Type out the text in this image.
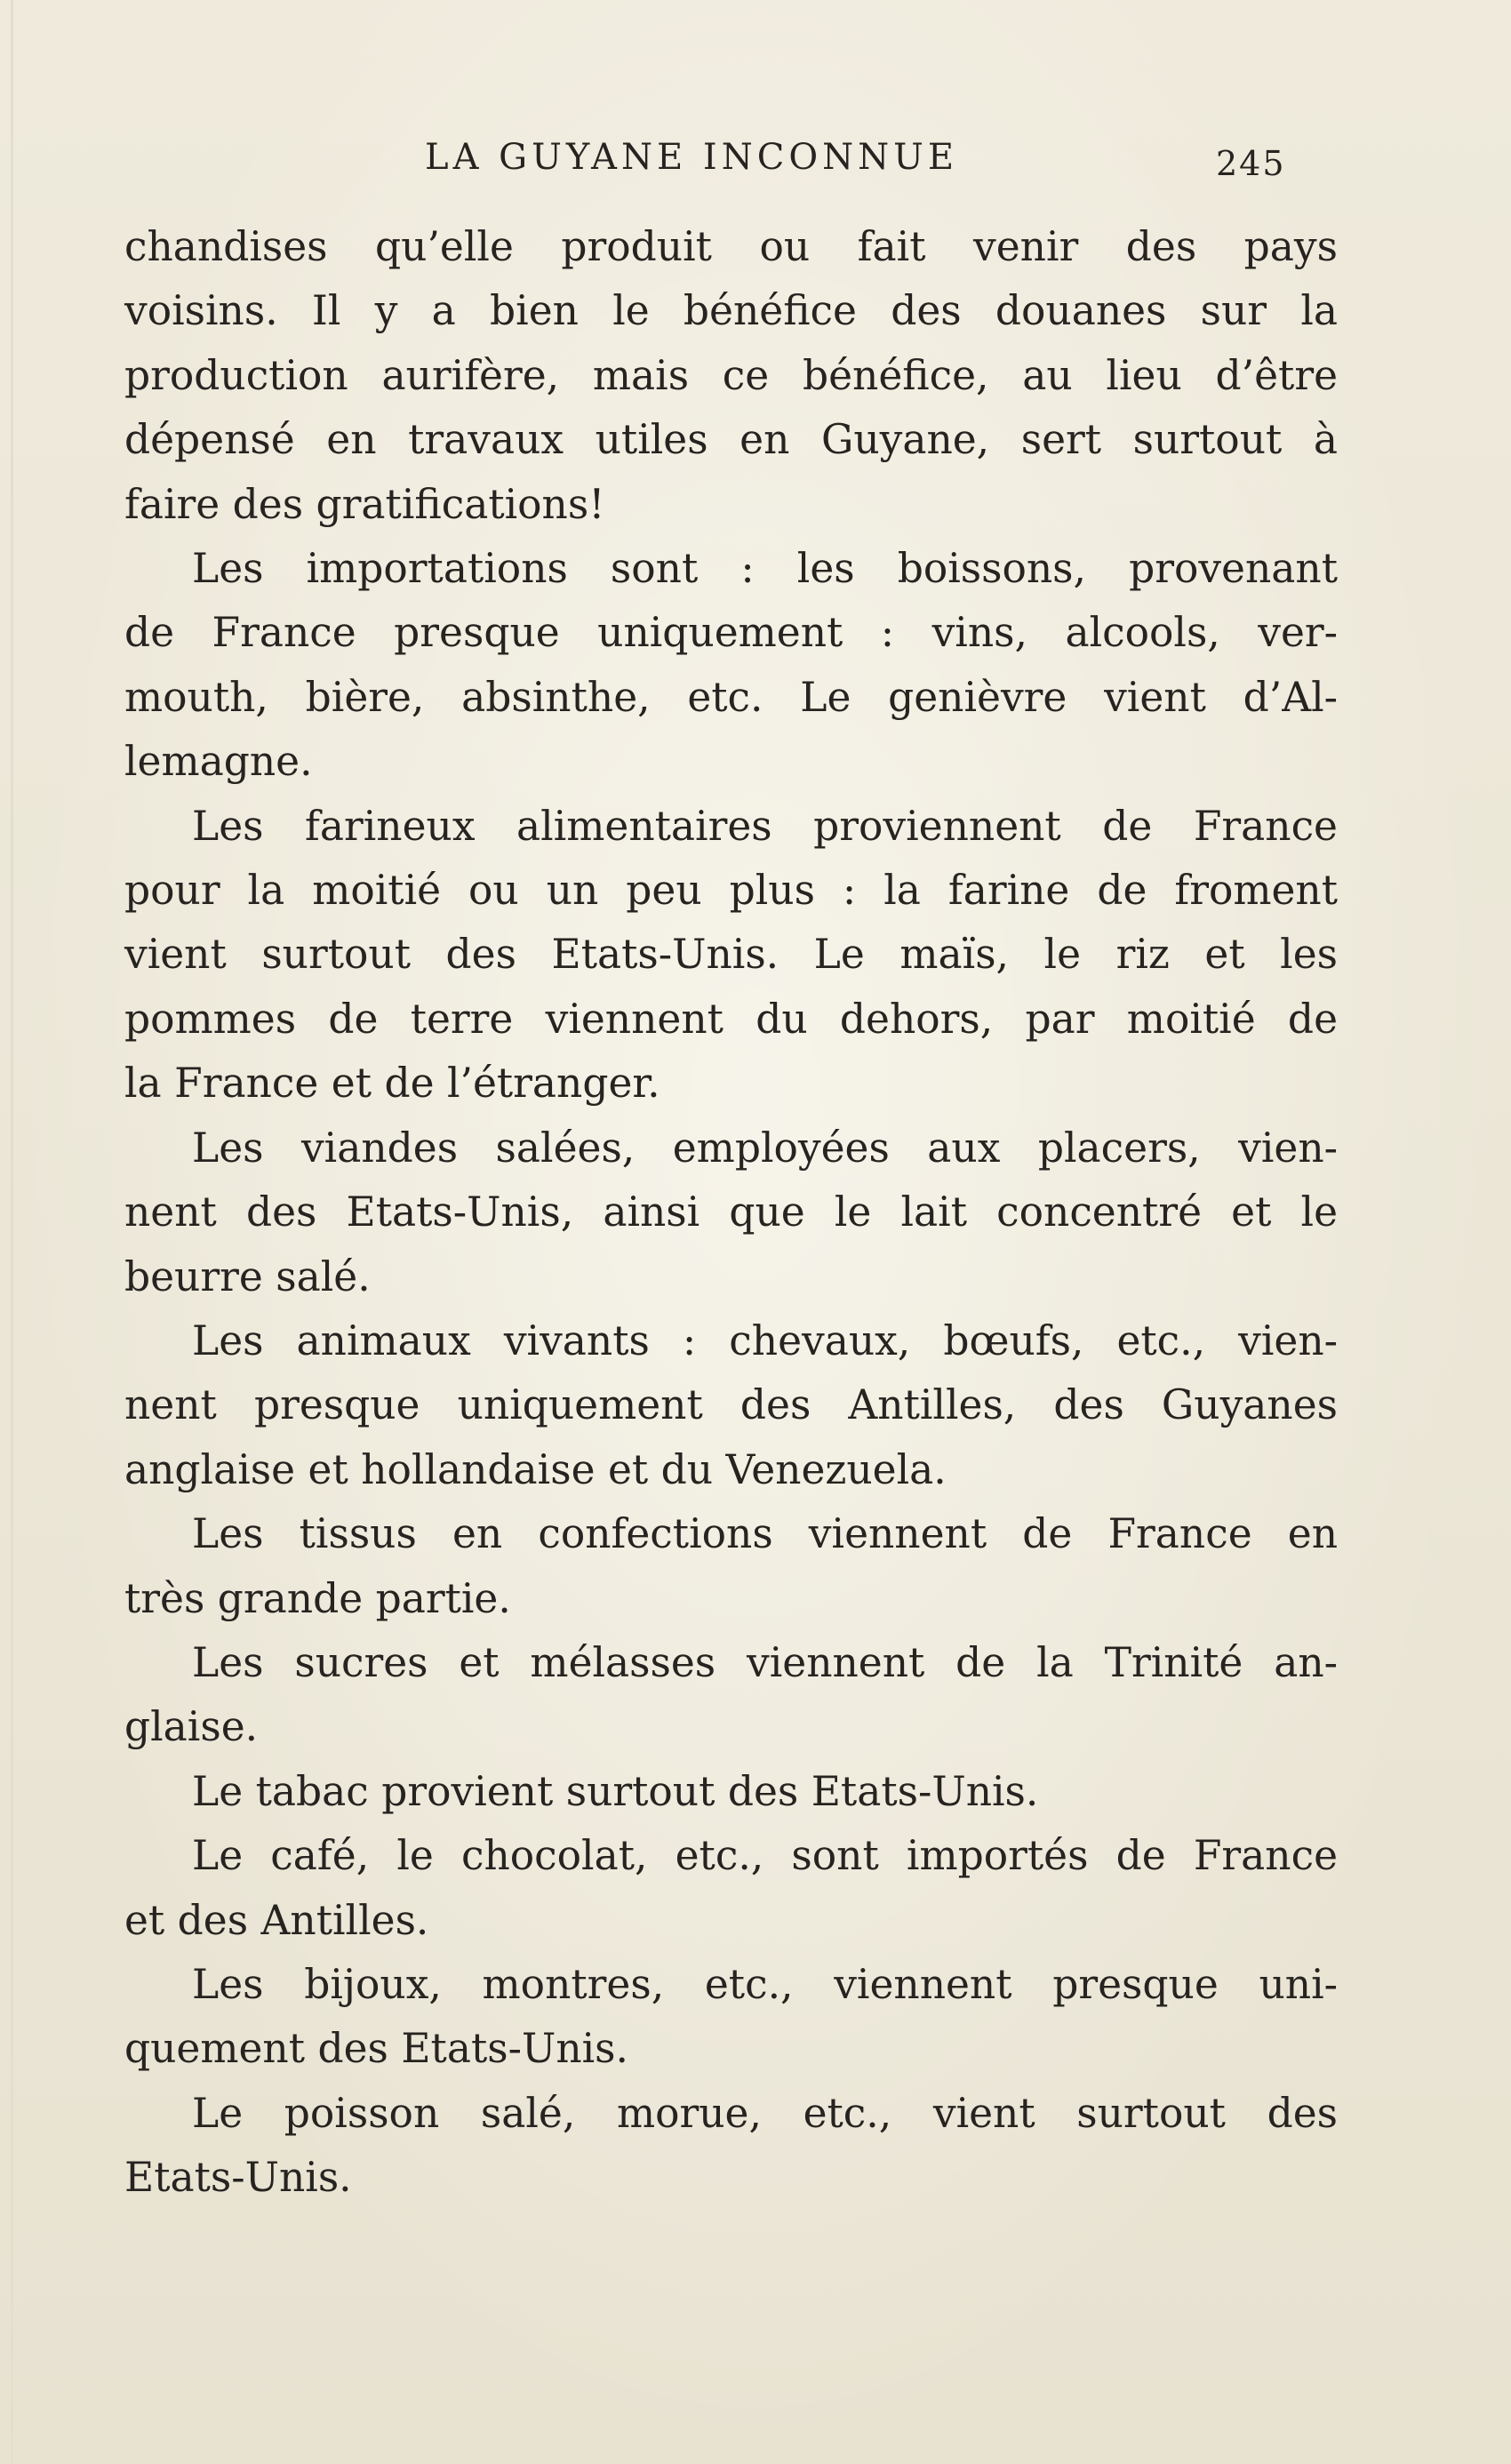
LA GUYANE INCONNUE	245
chandises qu’elle produit ou fait venir des pays
voisins. Il y a bien le bénéfice des douanes sur la
production aurifère, mais ce bénéfice, au lieu d’être
dépensé en travaux utiles en Guyane, sert surtout à
faire des gratifications!
Les importations sont : les boissons, provenant
de France presque uniquement : vins, alcools, ver-
mouth, bière, absinthe, etc. Le genièvre vient d’Al-
lemagne.
Les farineux alimentaires proviennent de France
pour la moitié ou un peu plus : la farine de froment
vient surtout des Etats-Unis. Le maïs, le riz et les
pommes de terre viennent du dehors, par moitié de
la France et de l’étranger.
Les viandes salées, employées aux placers, vien-
nent des Etats-Unis, ainsi que le lait concentré et le
beurre salé.
Les animaux vivants : chevaux, bœufs, etc., vien-
nent presque uniquement des Antilles, des Guyanes
anglaise et hollandaise et du Venezuela.
Les tissus en confections viennent de France en
très grande partie.
Les sucres et mélasses viennent de la Trinité an-
glaise.
Le tabac provient surtout des Etats-Unis.
Le café, le chocolat, etc., sont importés de France
et des Antilles.
Les bijoux, montres, etc., viennent presque uni-
quement des Etats-Unis.
Le poisson salé, morue, etc., vient surtout des
Etats-Unis.
